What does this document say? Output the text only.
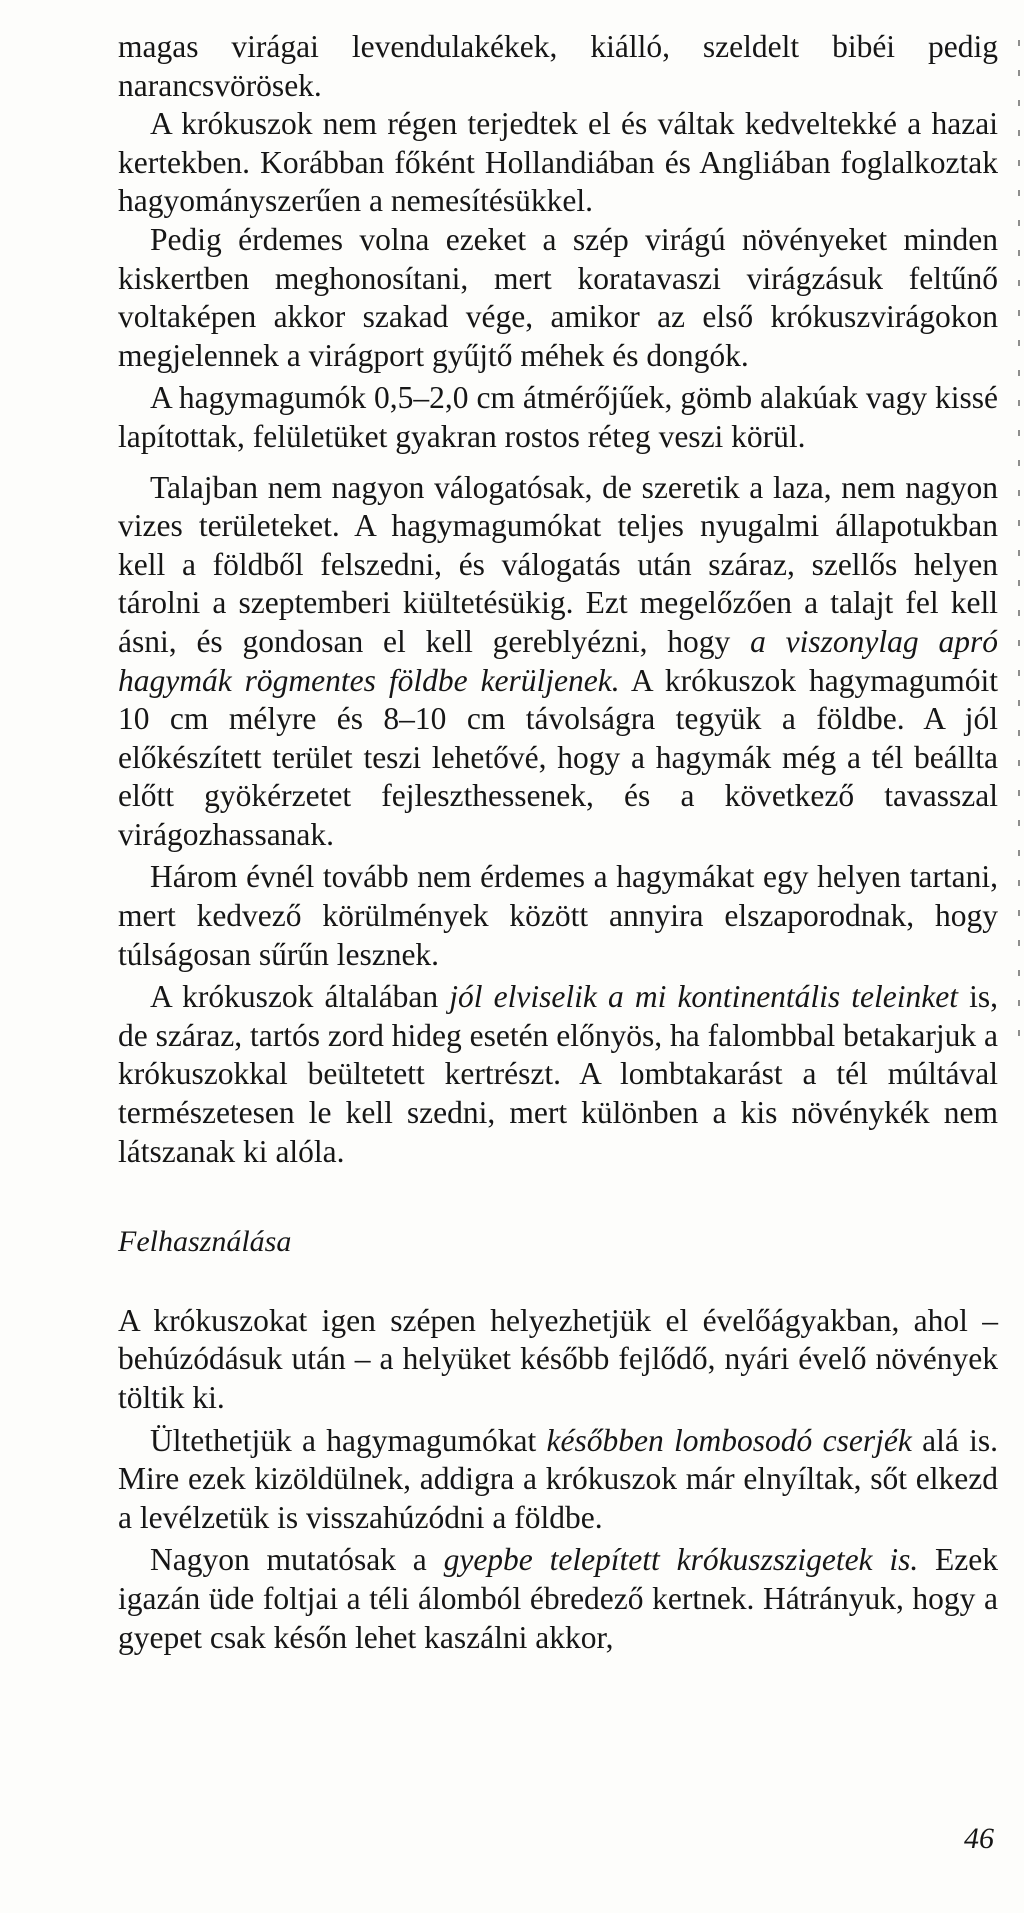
magas virágai levendulakékek, kiálló, szeldelt bibéi pedig narancsvörösek.

A krókuszok nem régen terjedtek el és váltak kedveltekké a hazai kertekben. Korábban főként Hollandiában és Angliában foglalkoztak hagyományszerűen a nemesítésükkel.

Pedig érdemes volna ezeket a szép virágú növényeket minden kiskertben meghonosítani, mert koratavaszi virágzásuk feltűnő voltaképen akkor szakad vége, amikor az első krókuszvirágokon megjelennek a virágport gyűjtő méhek és dongók.

A hagymagumók 0,5–2,0 cm átmérőjűek, gömb alakúak vagy kissé lapítottak, felületüket gyakran rostos réteg veszi körül.

Talajban nem nagyon válogatósak, de szeretik a laza, nem nagyon vizes területeket. A hagymagumókat teljes nyugalmi állapotukban kell a földből felszedni, és válogatás után száraz, szellős helyen tárolni a szeptemberi kiültetésükig. Ezt megelőzően a talajt fel kell ásni, és gondosan el kell gereblyézni, hogy a viszonylag apró hagymák rögmentes földbe kerüljenek. A krókuszok hagymagumóit 10 cm mélyre és 8–10 cm távolságra tegyük a földbe. A jól előkészített terület teszi lehetővé, hogy a hagymák még a tél beállta előtt gyökérzetet fejleszthessenek, és a következő tavasszal virágozhassanak.

Három évnél tovább nem érdemes a hagymákat egy helyen tartani, mert kedvező körülmények között annyira elszaporodnak, hogy túlságosan sűrűn lesznek.

A krókuszok általában jól elviselik a mi kontinentális teleinket is, de száraz, tartós zord hideg esetén előnyös, ha falombbal betakarjuk a krókuszokkal beültetett kertrészt. A lombtakarást a tél múltával természetesen le kell szedni, mert különben a kis növénykék nem látszanak ki alóla.

Felhasználása

A krókuszokat igen szépen helyezhetjük el évelőágyakban, ahol – behúzódásuk után – a helyüket később fejlődő, nyári évelő növények töltik ki.

Ültethetjük a hagymagumókat későbben lombosodó cserjék alá is. Mire ezek kizöldülnek, addigra a krókuszok már elnyíltak, sőt elkezd a levélzetük is visszahúzódni a földbe.

Nagyon mutatósak a gyepbe telepített krókuszszigetek is. Ezek igazán üde foltjai a téli álomból ébredező kertnek. Hátrányuk, hogy a gyepet csak későn lehet kaszálni akkor,

46
